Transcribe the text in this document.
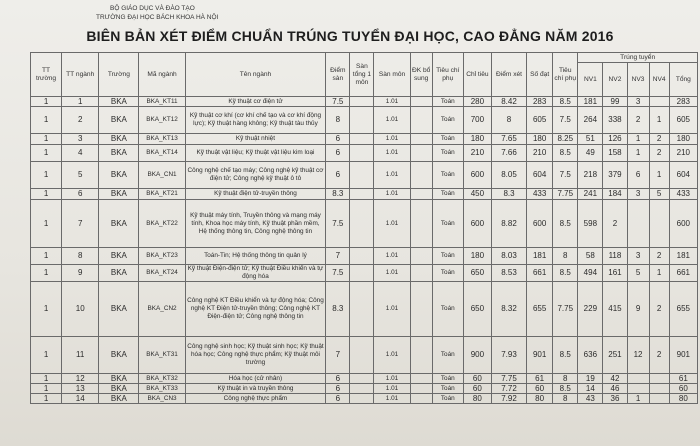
BỘ GIÁO DỤC VÀ ĐÀO TẠO
TRƯỜNG ĐẠI HỌC BÁCH KHOA HÀ NỘI
BIÊN BẢN XÉT ĐIỂM CHUẨN TRÚNG TUYỂN ĐẠI HỌC, CAO ĐẲNG NĂM 2016
TT trường	TT ngành	Trường	Mã ngành	Tên ngành	Điểm sàn	Sàn tổng 1 môn	Sàn môn	ĐK bổ sung	Tiêu chí phụ	Chỉ tiêu	Điểm xét	Số đạt	Tiêu chí phụ	Trúng tuyển				
														NV1	NV2	NV3	NV4	Tổng
1	1	BKA	BKA_KT11	Kỹ thuật cơ điện tử	7.5		1.01		Toán	280	8.42	283	8.5	181	99	3		283
1	2	BKA	BKA_KT12	Kỹ thuật cơ khí (cơ khí chế tạo và cơ khí động lực); Kỹ thuật hàng không; Kỹ thuật tàu thủy	8		1.01		Toán	700	8	605	7.5	264	338	2	1	605
1	3	BKA	BKA_KT13	Kỹ thuật nhiệt	6		1.01		Toán	180	7.65	180	8.25	51	126	1	2	180
1	4	BKA	BKA_KT14	Kỹ thuật vật liệu; Kỹ thuật vật liệu kim loại	6		1.01		Toán	210	7.66	210	8.5	49	158	1	2	210
1	5	BKA	BKA_CN1	Công nghệ chế tạo máy; Công nghệ kỹ thuật cơ điện tử; Công nghệ kỹ thuật ô tô	6		1.01		Toán	600	8.05	604	7.5	218	379	6	1	604
1	6	BKA	BKA_KT21	Kỹ thuật điện tử-truyền thông	8.3		1.01		Toán	450	8.3	433	7.75	241	184	3	5	433
1	7	BKA	BKA_KT22	Kỹ thuật máy tính, Truyền thông và mạng máy tính, Khoa học máy tính, Kỹ thuật phần mềm, Hệ thống thông tin, Công nghệ thông tin	7.5		1.01		Toán	600	8.82	600	8.5	598	2			600
1	8	BKA	BKA_KT23	Toán-Tin; Hệ thống thông tin quản lý	7		1.01		Toán	180	8.03	181	8	58	118	3	2	181
1	9	BKA	BKA_KT24	Kỹ thuật Điện-điện tử; Kỹ thuật Điều khiển và tự động hóa	7.5		1.01		Toán	650	8.53	661	8.5	494	161	5	1	661
1	10	BKA	BKA_CN2	Công nghệ KT Điều khiển và tự động hóa; Công nghệ KT Điện tử-truyền thông; Công nghệ KT Điện-điện tử; Công nghệ thông tin	8.3		1.01		Toán	650	8.32	655	7.75	229	415	9	2	655
1	11	BKA	BKA_KT31	Công nghệ sinh học; Kỹ thuật sinh học; Kỹ thuật hóa học; Công nghệ thực phẩm; Kỹ thuật môi trường	7		1.01		Toán	900	7.93	901	8.5	636	251	12	2	901
1	12	BKA	BKA_KT32	Hóa học (cử nhân)	6		1.01		Toán	60	7.75	61	8	19	42			61
1	13	BKA	BKA_KT33	Kỹ thuật in và truyền thông	6		1.01		Toán	60	7.72	60	8.5	14	46			60
1	14	BKA	BKA_CN3	Công nghệ thực phẩm	6		1.01		Toán	80	7.92	80	8	43	36	1		80
